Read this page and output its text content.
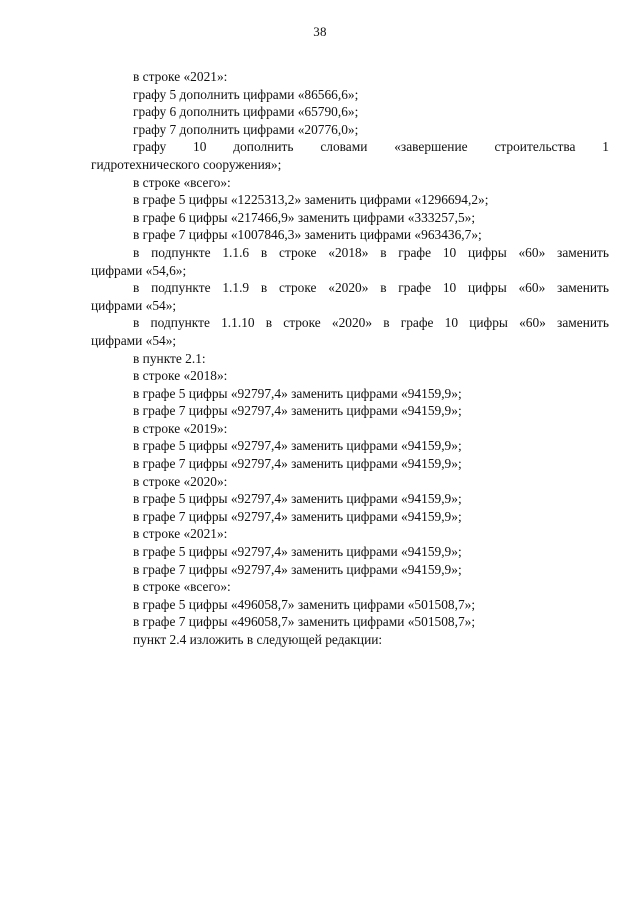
38

в строке «2021»:

графу 5 дополнить цифрами «86566,6»;

графу 6 дополнить цифрами «65790,6»;

графу 7 дополнить цифрами «20776,0»;

графу 10 дополнить словами «завершение строительства 1

гидротехнического сооружения»;

в строке «всего»:

в графе 5 цифры «1225313,2» заменить цифрами «1296694,2»;

в графе 6 цифры «217466,9» заменить цифрами «333257,5»;

в графе 7 цифры «1007846,3» заменить цифрами «963436,7»;

в подпункте 1.1.6 в строке «2018» в графе 10 цифры «60» заменить

цифрами «54,6»;

в подпункте 1.1.9 в строке «2020» в графе 10 цифры «60» заменить

цифрами «54»;

в подпункте 1.1.10 в строке «2020» в графе 10 цифры «60» заменить

цифрами «54»;

в пункте 2.1:

в строке «2018»:

в графе 5 цифры «92797,4» заменить цифрами «94159,9»;

в графе 7 цифры «92797,4» заменить цифрами «94159,9»;

в строке «2019»:

в графе 5 цифры «92797,4» заменить цифрами «94159,9»;

в графе 7 цифры «92797,4» заменить цифрами «94159,9»;

в строке «2020»:

в графе 5 цифры «92797,4» заменить цифрами «94159,9»;

в графе 7 цифры «92797,4» заменить цифрами «94159,9»;

в строке «2021»:

в графе 5 цифры «92797,4» заменить цифрами «94159,9»;

в графе 7 цифры «92797,4» заменить цифрами «94159,9»;

в строке «всего»:

в графе 5 цифры «496058,7» заменить цифрами «501508,7»;

в графе 7 цифры «496058,7» заменить цифрами «501508,7»;

пункт 2.4 изложить в следующей редакции:
